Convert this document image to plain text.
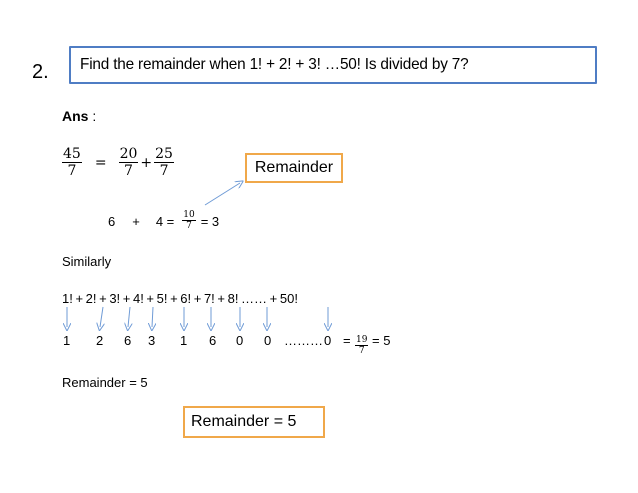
2. Find the remainder when 1! + 2! + 3! …50! Is divided by 7?
Ans :
$\frac{45}{7} = \frac{20}{7} + \frac{25}{7}$	Remainder
$6 + 4 = \frac{10}{7} = 3$
Similarly
1! + 2! + 3! + 4! + 5! + 6! + 7! + 8! …… + 50!
1 2 6 3 1 6 0 0 ……… $0 = \frac{19}{7} = 5$
Remainder = 5
Remainder = 5
